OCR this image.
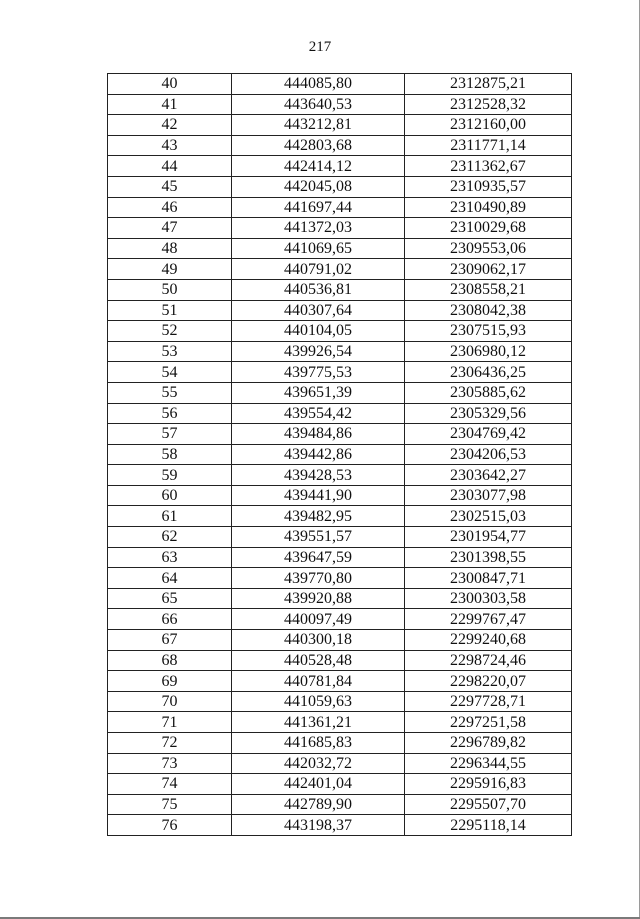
217
40	444085,80	2312875,21
41	443640,53	2312528,32
42	443212,81	2312160,00
43	442803,68	2311771,14
44	442414,12	2311362,67
45	442045,08	2310935,57
46	441697,44	2310490,89
47	441372,03	2310029,68
48	441069,65	2309553,06
49	440791,02	2309062,17
50	440536,81	2308558,21
51	440307,64	2308042,38
52	440104,05	2307515,93
53	439926,54	2306980,12
54	439775,53	2306436,25
55	439651,39	2305885,62
56	439554,42	2305329,56
57	439484,86	2304769,42
58	439442,86	2304206,53
59	439428,53	2303642,27
60	439441,90	2303077,98
61	439482,95	2302515,03
62	439551,57	2301954,77
63	439647,59	2301398,55
64	439770,80	2300847,71
65	439920,88	2300303,58
66	440097,49	2299767,47
67	440300,18	2299240,68
68	440528,48	2298724,46
69	440781,84	2298220,07
70	441059,63	2297728,71
71	441361,21	2297251,58
72	441685,83	2296789,82
73	442032,72	2296344,55
74	442401,04	2295916,83
75	442789,90	2295507,70
76	443198,37	2295118,14
